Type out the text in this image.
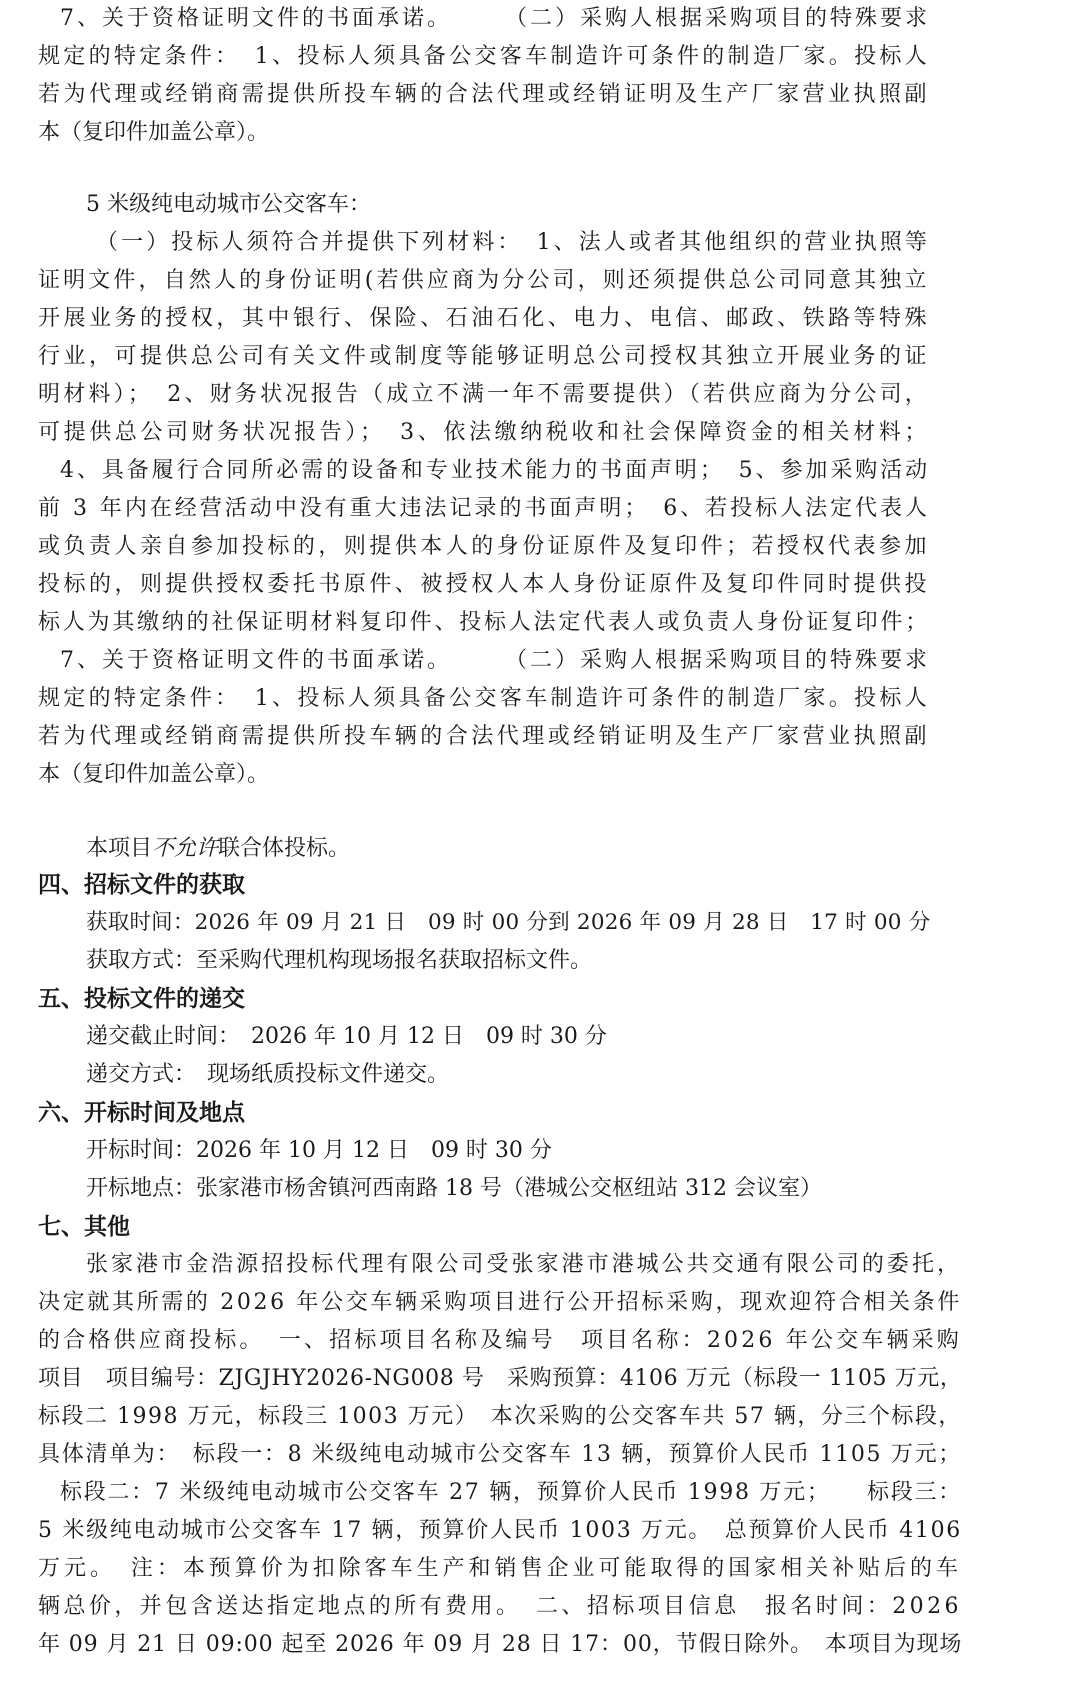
7、关于资格证明文件的书面承诺。　　　（二）采购人根据采购项目的特殊要求
规定的特定条件：　1、投标人须具备公交客车制造许可条件的制造厂家。投标人
若为代理或经销商需提供所投车辆的合法代理或经销证明及生产厂家营业执照副
本（复印件加盖公章）。
5 米级纯电动城市公交客车：
（一）投标人须符合并提供下列材料：　1、法人或者其他组织的营业执照等
证明文件，自然人的身份证明(若供应商为分公司，则还须提供总公司同意其独立
开展业务的授权，其中银行、保险、石油石化、电力、电信、邮政、铁路等特殊
行业，可提供总公司有关文件或制度等能够证明总公司授权其独立开展业务的证
明材料）；　2、财务状况报告（成立不满一年不需要提供）（若供应商为分公司，
可提供总公司财务状况报告）；　3、依法缴纳税收和社会保障资金的相关材料；
4、具备履行合同所必需的设备和专业技术能力的书面声明；　5、参加采购活动
前 3 年内在经营活动中没有重大违法记录的书面声明；　6、若投标人法定代表人
或负责人亲自参加投标的，则提供本人的身份证原件及复印件；若授权代表参加
投标的，则提供授权委托书原件、被授权人本人身份证原件及复印件同时提供投
标人为其缴纳的社保证明材料复印件、投标人法定代表人或负责人身份证复印件；
7、关于资格证明文件的书面承诺。　　　（二）采购人根据采购项目的特殊要求
规定的特定条件：　1、投标人须具备公交客车制造许可条件的制造厂家。投标人
若为代理或经销商需提供所投车辆的合法代理或经销证明及生产厂家营业执照副
本（复印件加盖公章）。
本项目不允许联合体投标。
四、招标文件的获取
获取时间：2026 年 09 月 21 日　09 时 00 分到 2026 年 09 月 28 日　17 时 00 分
获取方式：至采购代理机构现场报名获取招标文件。
五、投标文件的递交
递交截止时间：　2026 年 10 月 12 日　09 时 30 分
递交方式：　现场纸质投标文件递交。
六、开标时间及地点
开标时间：2026 年 10 月 12 日　09 时 30 分
开标地点：张家港市杨舍镇河西南路 18 号（港城公交枢纽站 312 会议室）
七、其他
张家港市金浩源招投标代理有限公司受张家港市港城公共交通有限公司的委托，
决定就其所需的 2026 年公交车辆采购项目进行公开招标采购，现欢迎符合相关条件
的合格供应商投标。　一、招标项目名称及编号　项目名称：2026 年公交车辆采购
项目　项目编号：ZJGJHY2026-NG008 号　采购预算：4106 万元（标段一 1105 万元，
标段二 1998 万元，标段三 1003 万元）　本次采购的公交客车共 57 辆，分三个标段，
具体清单为：　标段一：8 米级纯电动城市公交客车 13 辆，预算价人民币 1105 万元；
标段二：7 米级纯电动城市公交客车 27 辆，预算价人民币 1998 万元；　　标段三：
5 米级纯电动城市公交客车 17 辆，预算价人民币 1003 万元。　总预算价人民币 4106
万元。　注：本预算价为扣除客车生产和销售企业可能取得的国家相关补贴后的车
辆总价，并包含送达指定地点的所有费用。　二、招标项目信息　报名时间：2026
年 09 月 21 日 09:00 起至 2026 年 09 月 28 日 17：00，节假日除外。　本项目为现场
